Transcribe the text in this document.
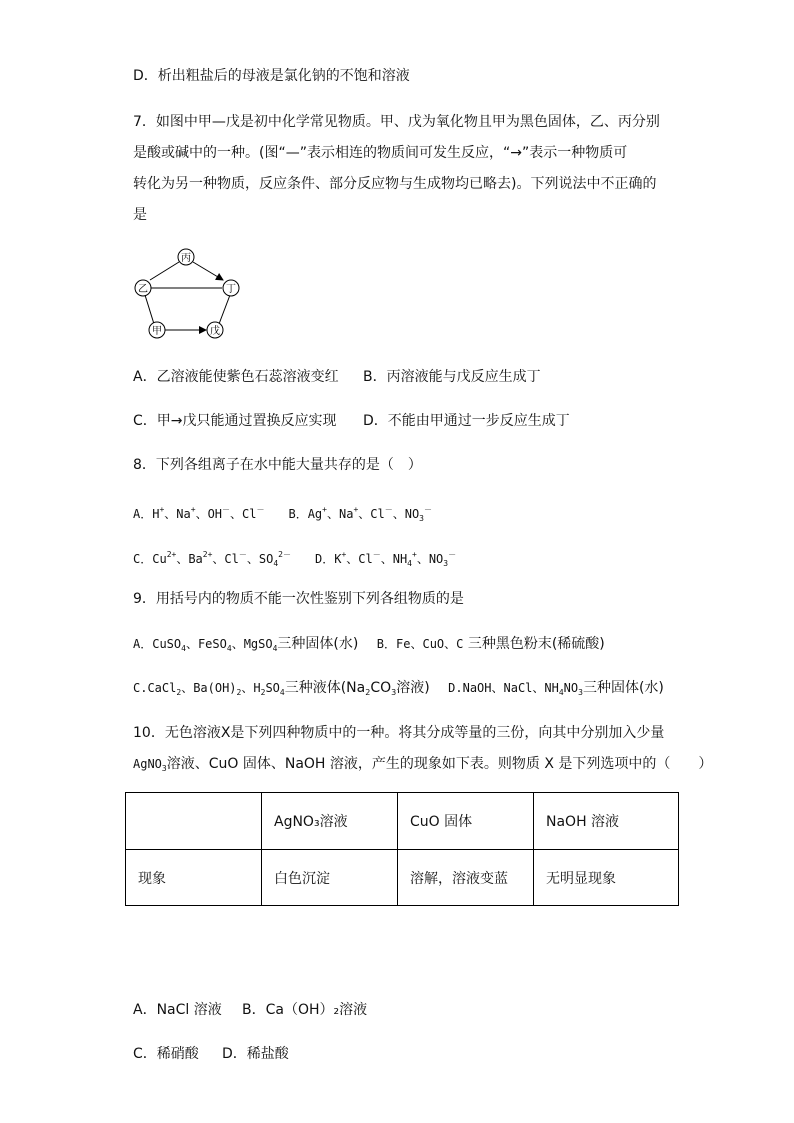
D．析出粗盐后的母液是氯化钠的不饱和溶液
7．如图中甲—戊是初中化学常见物质。甲、戊为氧化物且甲为黑色固体，乙、丙分别
是酸或碱中的一种。(图“—”表示相连的物质间可发生反应，“→”表示一种物质可
转化为另一种物质，反应条件、部分反应物与生成物均已略去)。下列说法中不正确的
是
丙
乙	丁
甲	戊
A．乙溶液能使紫色石蕊溶液变红 B．丙溶液能与戊反应生成丁
C．甲→戊只能通过置换反应实现 D．不能由甲通过一步反应生成丁
8．下列各组离子在水中能大量共存的是（　）
A．H+、Na+、OH－、Cl－　　B．Ag+、Na+、Cl－、$NO_3^-$
C．$Cu^{2+}$、$Ba^{2+}$、Cl－、$SO_4^{2-}$　　D．K+、Cl－、$NH_4^+$、$NO_3^-$
9．用括号内的物质不能一次性鉴别下列各组物质的是
A．CuSO$_4$、FeSO$_4$、MgSO$_4$三种固体(水)　 B．Fe、CuO、C 三种黑色粉末(稀硫酸)
C.CaCl$_2$、$Ba(OH)_2$、$H_2SO_4$三种液体($Na_2CO_3$溶液)　 D.NaOH、NaCl、$NH_4NO_3$三种固体(水)
10．无色溶液X是下列四种物质中的一种。将其分成等量的三份，向其中分别加入少量
AgNO$_3$溶液、CuO 固体、NaOH 溶液，产生的现象如下表。则物质 X 是下列选项中的（　　）
	AgNO₃溶液	CuO 固体	NaOH 溶液
现象	白色沉淀	溶解，溶液变蓝	无明显现象
A．NaCl 溶液 B．Ca（OH）₂溶液
C．稀硝酸 D．稀盐酸
